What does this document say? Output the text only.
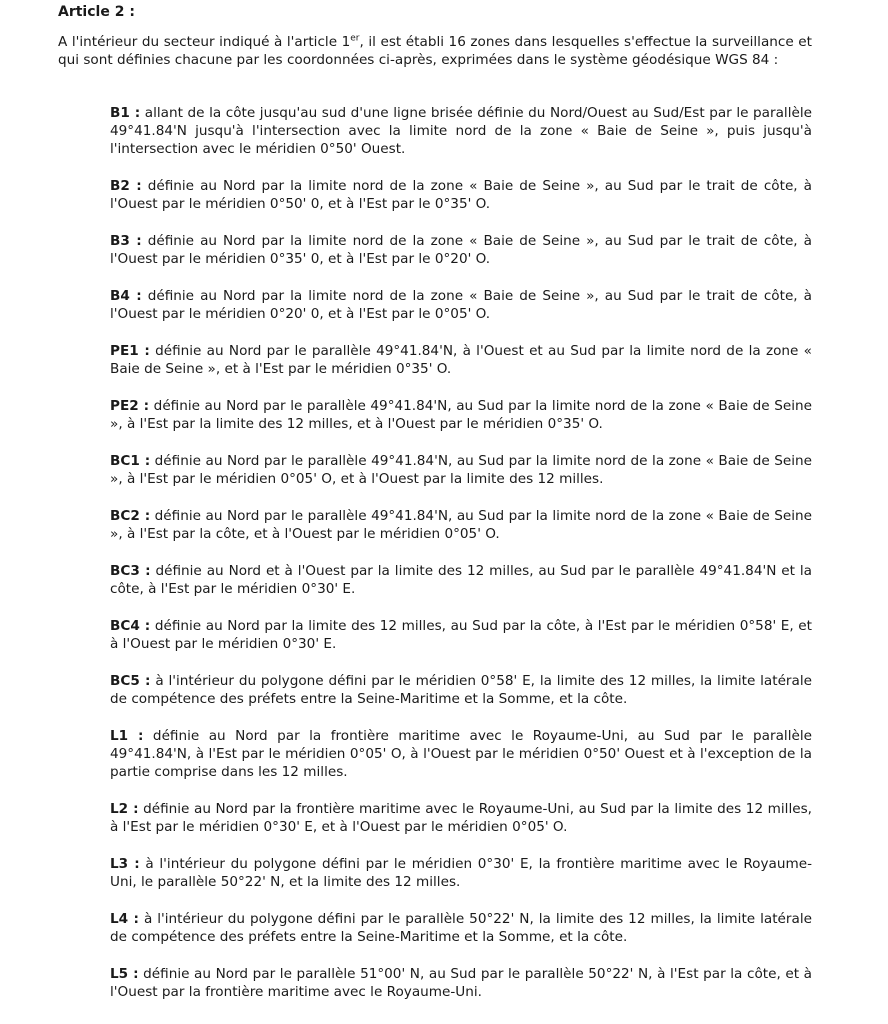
Article 2 :

A l'intérieur du secteur indiqué à l'article 1er, il est établi 16 zones dans lesquelles s'effectue la surveillance et qui sont définies chacune par les coordonnées ci-après, exprimées dans le système géodésique WGS 84 :

B1 : allant de la côte jusqu'au sud d'une ligne brisée définie du Nord/Ouest au Sud/Est par le parallèle 49°41.84'N jusqu'à l'intersection avec la limite nord de la zone « Baie de Seine », puis jusqu'à l'intersection avec le méridien 0°50' Ouest.
B2 : définie au Nord par la limite nord de la zone « Baie de Seine », au Sud par le trait de côte, à l'Ouest par le méridien 0°50' 0, et à l'Est par le 0°35' O.
B3 : définie au Nord par la limite nord de la zone « Baie de Seine », au Sud par le trait de côte, à l'Ouest par le méridien 0°35' 0, et à l'Est par le 0°20' O.
B4 : définie au Nord par la limite nord de la zone « Baie de Seine », au Sud par le trait de côte, à l'Ouest par le méridien 0°20' 0, et à l'Est par le 0°05' O.
PE1 : définie au Nord par le parallèle 49°41.84'N, à l'Ouest et au Sud par la limite nord de la zone « Baie de Seine », et à l'Est par le méridien 0°35' O.
PE2 : définie au Nord par le parallèle 49°41.84'N, au Sud par la limite nord de la zone « Baie de Seine », à l'Est par la limite des 12 milles, et à l'Ouest par le méridien 0°35' O.
BC1 : définie au Nord par le parallèle 49°41.84'N, au Sud par la limite nord de la zone « Baie de Seine », à l'Est par le méridien 0°05' O, et à l'Ouest par la limite des 12 milles.
BC2 : définie au Nord par le parallèle 49°41.84'N, au Sud par la limite nord de la zone « Baie de Seine », à l'Est par la côte, et à l'Ouest par le méridien 0°05' O.
BC3 : définie au Nord et à l'Ouest par la limite des 12 milles, au Sud par le parallèle 49°41.84'N et la côte, à l'Est par le méridien 0°30' E.
BC4 : définie au Nord par la limite des 12 milles, au Sud par la côte, à l'Est par le méridien 0°58' E, et à l'Ouest par le méridien 0°30' E.
BC5 : à l'intérieur du polygone défini par le méridien 0°58' E, la limite des 12 milles, la limite latérale de compétence des préfets entre la Seine-Maritime et la Somme, et la côte.
L1 : définie au Nord par la frontière maritime avec le Royaume-Uni, au Sud par le parallèle 49°41.84'N, à l'Est par le méridien 0°05' O, à l'Ouest par le méridien 0°50' Ouest et à l'exception de la partie comprise dans les 12 milles.
L2 : définie au Nord par la frontière maritime avec le Royaume-Uni, au Sud par la limite des 12 milles, à l'Est par le méridien 0°30' E, et à l'Ouest par le méridien 0°05' O.
L3 : à l'intérieur du polygone défini par le méridien 0°30' E, la frontière maritime avec le Royaume-Uni, le parallèle 50°22' N, et la limite des 12 milles.
L4 : à l'intérieur du polygone défini par le parallèle 50°22' N, la limite des 12 milles, la limite latérale de compétence des préfets entre la Seine-Maritime et la Somme, et la côte.
L5 : définie au Nord par le parallèle 51°00' N, au Sud par le parallèle 50°22' N, à l'Est par la côte, et à l'Ouest par la frontière maritime avec le Royaume-Uni.
